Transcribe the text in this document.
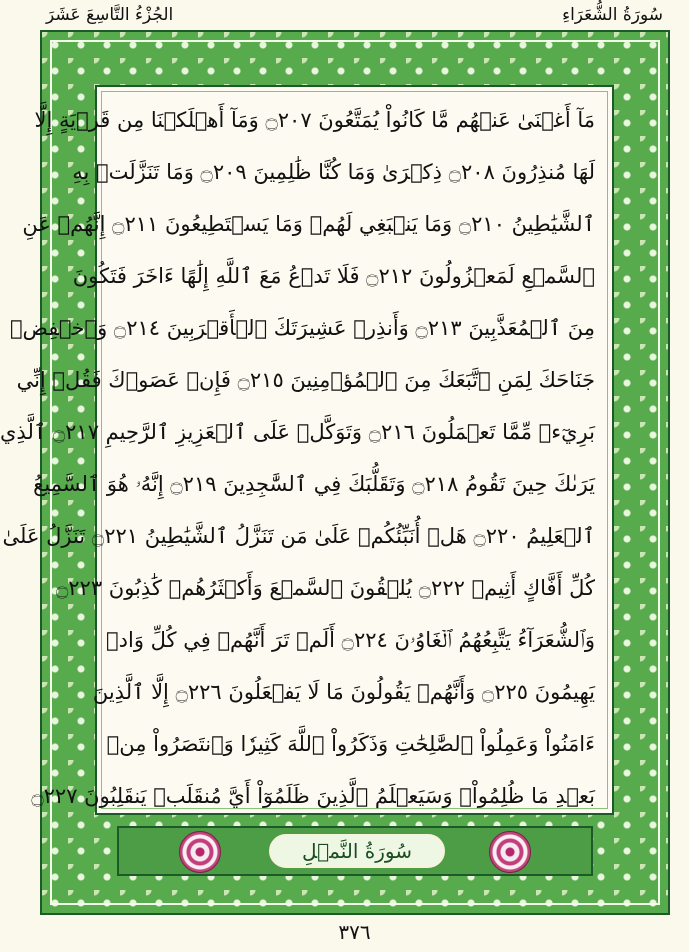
سُورَةُ الشُّعَرَاءِ
الجُزْءُ التَّاسِعَ عَشَرَ
مَآ أَغۡنَىٰ عَنۡهُم مَّا كَانُواْ يُمَتَّعُونَ ۝٢٠٧ وَمَآ أَهۡلَكۡنَا مِن قَرۡيَةٍ إِلَّا
لَهَا مُنذِرُونَ ۝٢٠٨ ذِكۡرَىٰ وَمَا كُنَّا ظَٰلِمِينَ ۝٢٠٩ وَمَا تَنَزَّلَتۡ بِهِ
ٱلشَّيَٰطِينُ ۝٢١٠ وَمَا يَنۢبَغِي لَهُمۡ وَمَا يَسۡتَطِيعُونَ ۝٢١١ إِنَّهُمۡ عَنِ
ٱلسَّمۡعِ لَمَعۡزُولُونَ ۝٢١٢ فَلَا تَدۡعُ مَعَ ٱللَّهِ إِلَٰهًا ءَاخَرَ فَتَكُونَ
مِنَ ٱلۡمُعَذَّبِينَ ۝٢١٣ وَأَنذِرۡ عَشِيرَتَكَ ٱلۡأَقۡرَبِينَ ۝٢١٤ وَٱخۡفِضۡ
جَنَاحَكَ لِمَنِ ٱتَّبَعَكَ مِنَ ٱلۡمُؤۡمِنِينَ ۝٢١٥ فَإِنۡ عَصَوۡكَ فَقُلۡ إِنِّي
بَرِيٓءٞ مِّمَّا تَعۡمَلُونَ ۝٢١٦ وَتَوَكَّلۡ عَلَى ٱلۡعَزِيزِ ٱلرَّحِيمِ ۝٢١٧ ٱلَّذِي
يَرَىٰكَ حِينَ تَقُومُ ۝٢١٨ وَتَقَلُّبَكَ فِي ٱلسَّٰجِدِينَ ۝٢١٩ إِنَّهُۥ هُوَ ٱلسَّمِيعُ
ٱلۡعَلِيمُ ۝٢٢٠ هَلۡ أُنَبِّئُكُمۡ عَلَىٰ مَن تَنَزَّلُ ٱلشَّيَٰطِينُ ۝٢٢١ تَنَزَّلُ عَلَىٰ
كُلِّ أَفَّاكٍ أَثِيمٖ ۝٢٢٢ يُلۡقُونَ ٱلسَّمۡعَ وَأَكۡثَرُهُمۡ كَٰذِبُونَ ۝٢٢٣
وَٱلشُّعَرَآءُ يَتَّبِعُهُمُ ٱلۡغَاوُۥنَ ۝٢٢٤ أَلَمۡ تَرَ أَنَّهُمۡ فِي كُلِّ وَادٖ
يَهِيمُونَ ۝٢٢٥ وَأَنَّهُمۡ يَقُولُونَ مَا لَا يَفۡعَلُونَ ۝٢٢٦ إِلَّا ٱلَّذِينَ
ءَامَنُواْ وَعَمِلُواْ ٱلصَّٰلِحَٰتِ وَذَكَرُواْ ٱللَّهَ كَثِيرٗا وَٱنتَصَرُواْ مِنۢ
بَعۡدِ مَا ظُلِمُواْۗ وَسَيَعۡلَمُ ٱلَّذِينَ ظَلَمُوٓاْ أَيَّ مُنقَلَبٖ يَنقَلِبُونَ ۝٢٢٧
سُورَةُ النَّمۡلِ
٣٧٦
